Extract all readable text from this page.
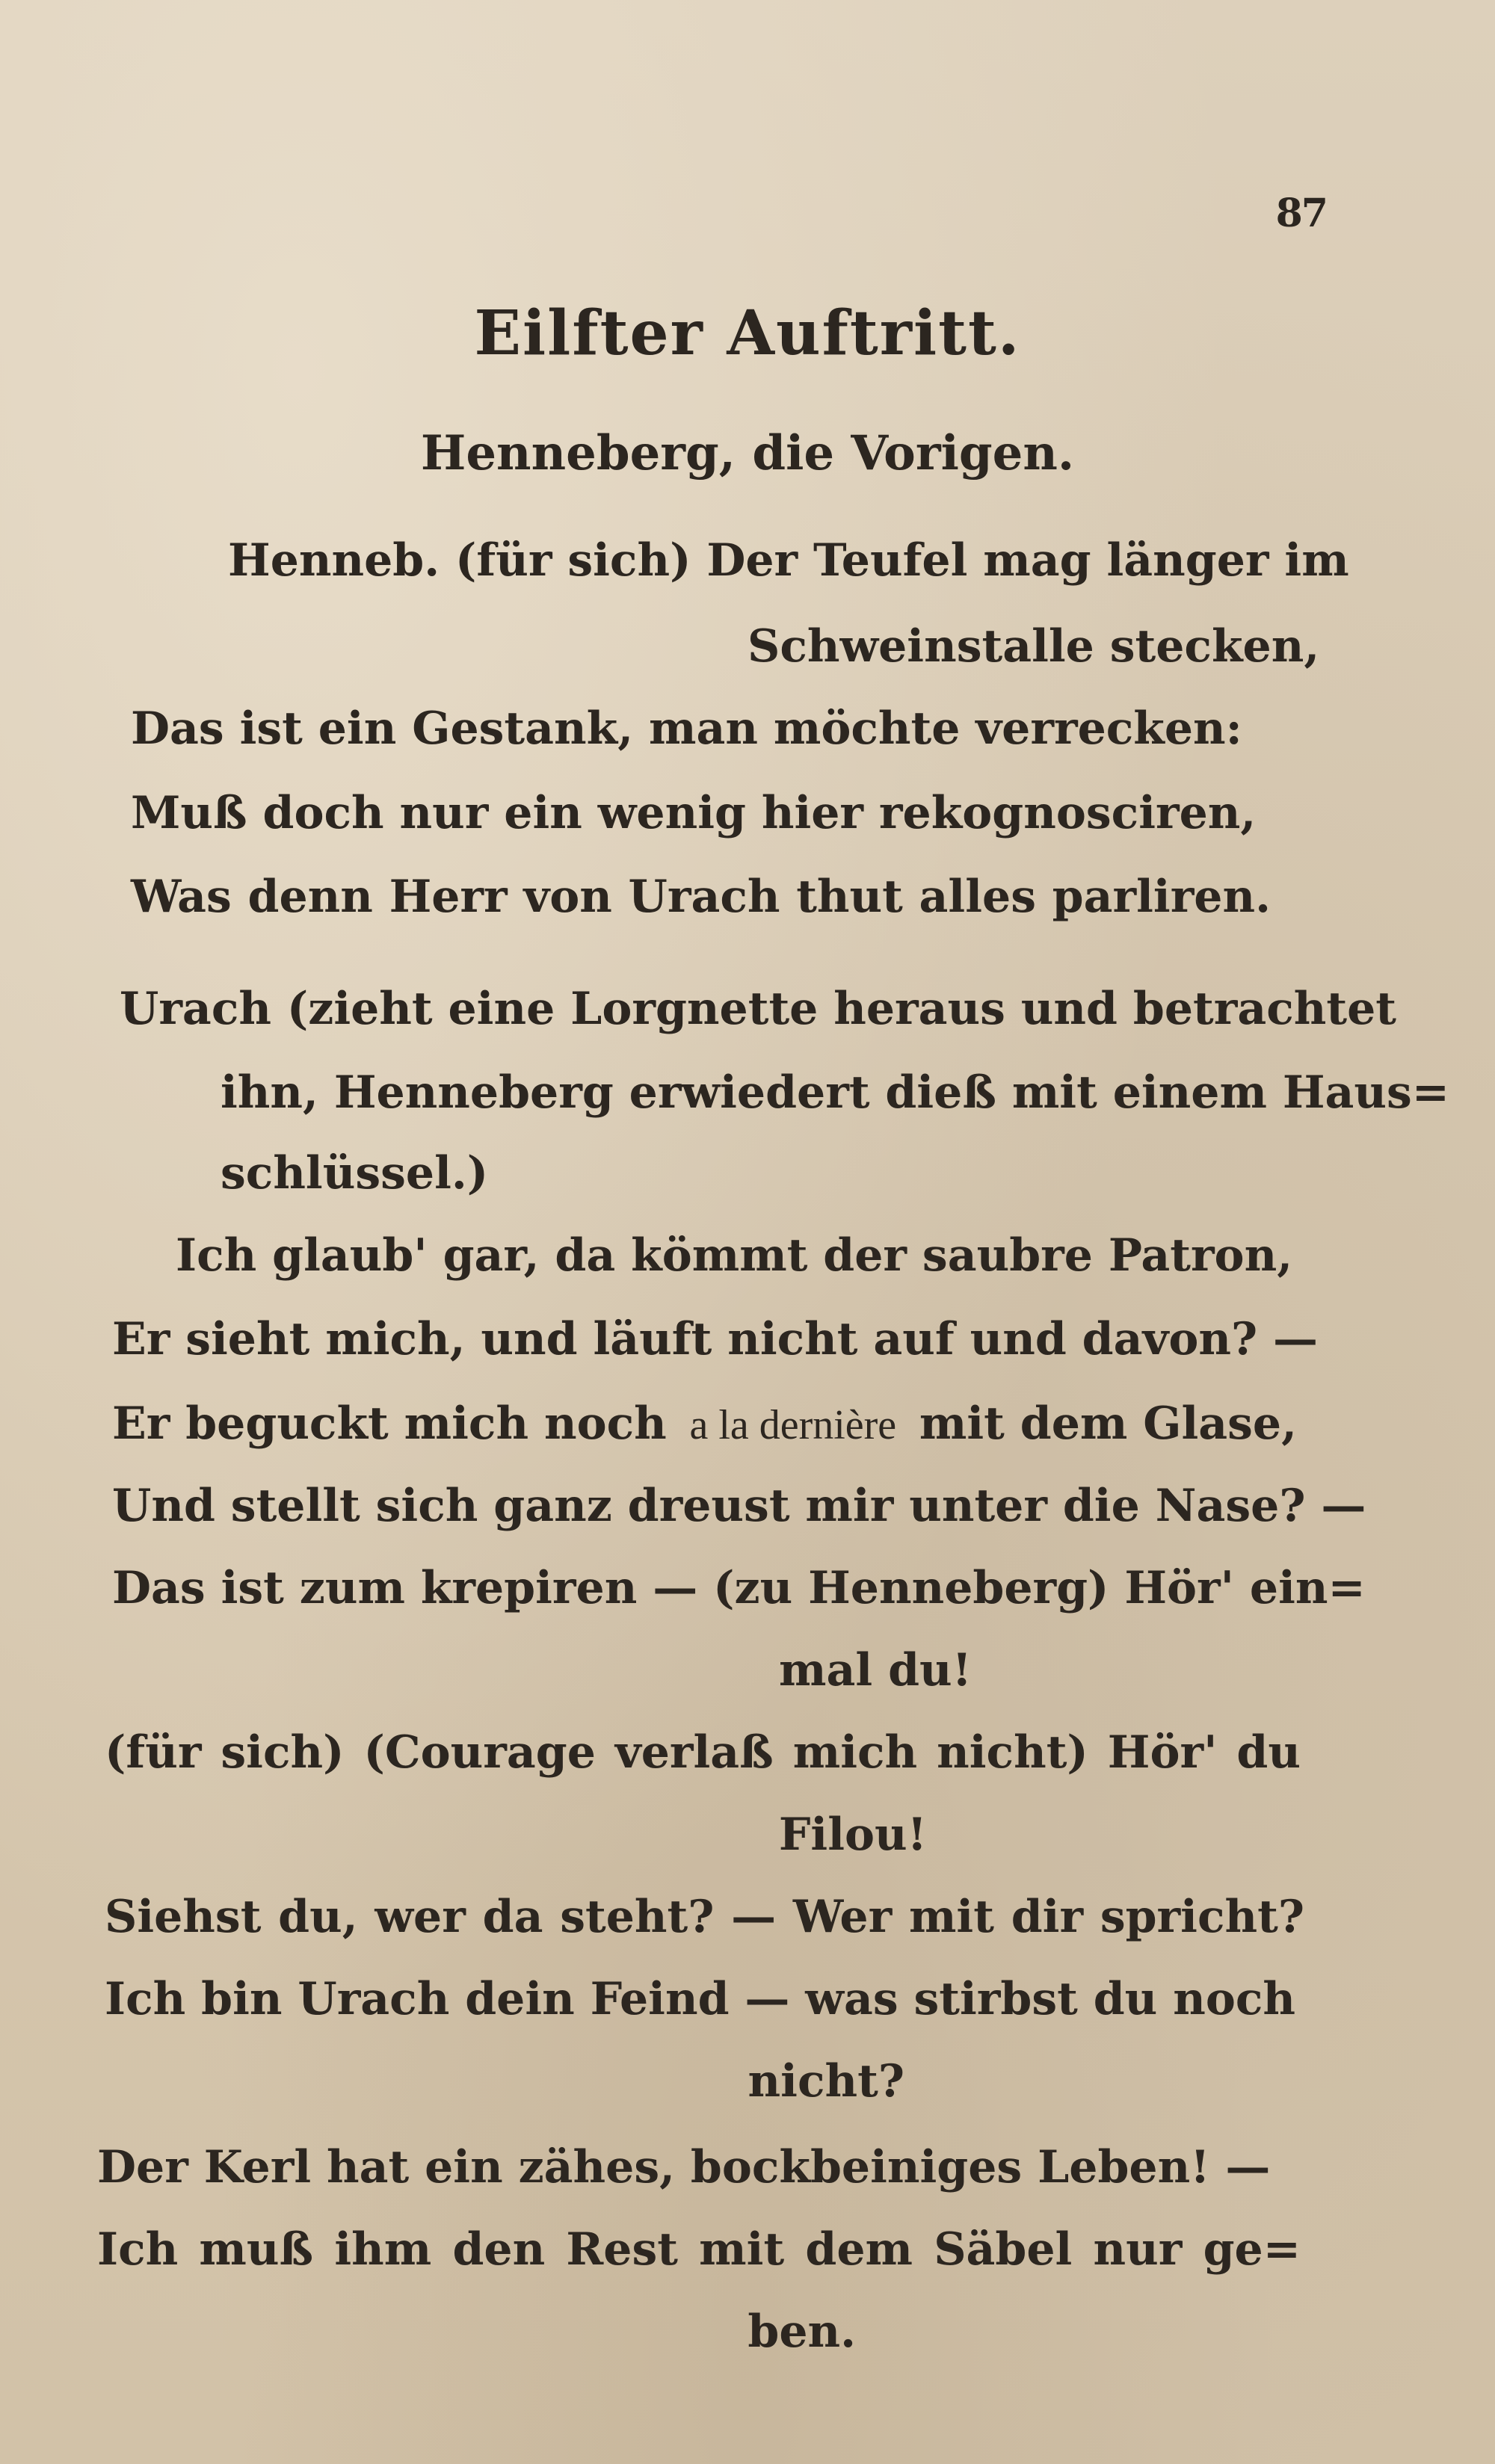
87
Eilfter Auftritt.
Henneberg, die Vorigen.
Henneb. (für sich) Der Teufel mag länger im
Schweinstalle stecken,
Das ist ein Gestank, man möchte verrecken:
Muß doch nur ein wenig hier rekognosciren,
Was denn Herr von Urach thut alles parliren.
Urach (zieht eine Lorgnette heraus und betrachtet
ihn, Henneberg erwiedert dieß mit einem Haus=
schlüssel.)
Ich glaub' gar, da kömmt der saubre Patron,
Er sieht mich, und läuft nicht auf und davon? —
Er beguckt mich noch a la dernière mit dem Glase,
Und stellt sich ganz dreust mir unter die Nase? —
Das ist zum krepiren — (zu Henneberg) Hör' ein=
mal du!
(für sich) (Courage verlaß mich nicht) Hör' du
Filou!
Siehst du, wer da steht? — Wer mit dir spricht?
Ich bin Urach dein Feind — was stirbst du noch
nicht?
Der Kerl hat ein zähes, bockbeiniges Leben! —
Ich muß ihm den Rest mit dem Säbel nur ge=
ben.
